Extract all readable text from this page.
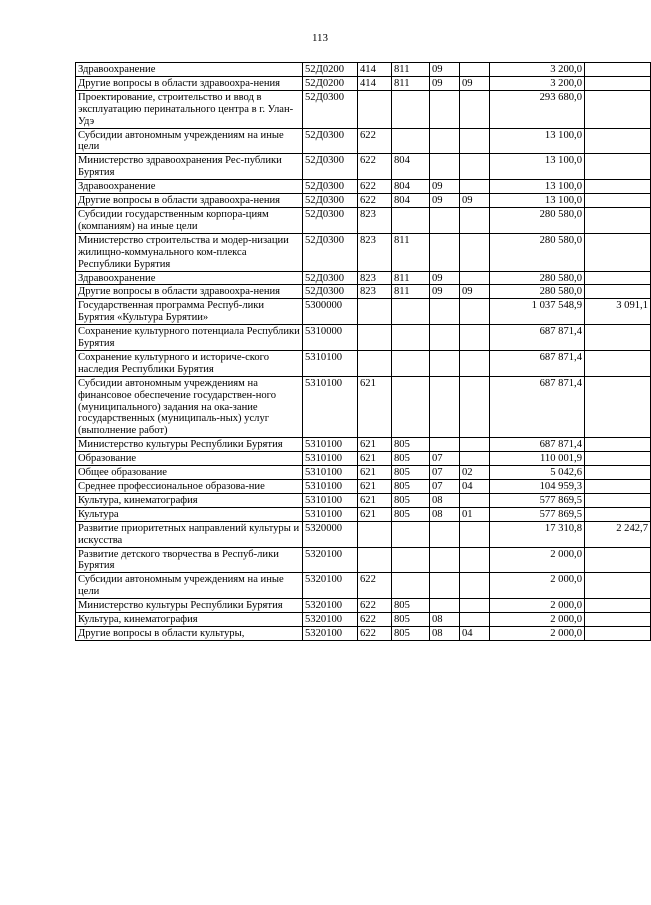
113
Здравоохранение	52Д0200	414	811	09		3 200,0	
Другие вопросы в области здравоохра-нения	52Д0200	414	811	09	09	3 200,0	
Проектирование, строительство и ввод в эксплуатацию перинатального центра в г. Улан-Удэ	52Д0300					293 680,0	
Субсидии автономным учреждениям на иные цели	52Д0300	622				13 100,0	
Министерство здравоохранения Рес-публики Бурятия	52Д0300	622	804			13 100,0	
Здравоохранение	52Д0300	622	804	09		13 100,0	
Другие вопросы в области здравоохра-нения	52Д0300	622	804	09	09	13 100,0	
Субсидии государственным корпора-циям (компаниям) на иные цели	52Д0300	823				280 580,0	
Министерство строительства и модер-низации жилищно-коммунального ком-плекса Республики Бурятия	52Д0300	823	811			280 580,0	
Здравоохранение	52Д0300	823	811	09		280 580,0	
Другие вопросы в области здравоохра-нения	52Д0300	823	811	09	09	280 580,0	
Государственная программа Респуб-лики Бурятия «Культура Бурятии»	5300000					1 037 548,9	3 091,1
Сохранение культурного потенциала Республики Бурятия	5310000					687 871,4	
Сохранение культурного и историче-ского наследия Республики Бурятия	5310100					687 871,4	
Субсидии автономным учреждениям на финансовое обеспечение государствен-ного (муниципального) задания на ока-зание государственных (муниципаль-ных) услуг (выполнение работ)	5310100	621				687 871,4	
Министерство культуры Республики Бурятия	5310100	621	805			687 871,4	
Образование	5310100	621	805	07		110 001,9	
Общее образование	5310100	621	805	07	02	5 042,6	
Среднее профессиональное образова-ние	5310100	621	805	07	04	104 959,3	
Культура, кинематография	5310100	621	805	08		577 869,5	
Культура	5310100	621	805	08	01	577 869,5	
Развитие приоритетных направлений культуры и искусства	5320000					17 310,8	2 242,7
Развитие детского творчества в Респуб-лики Бурятия	5320100					2 000,0	
Субсидии автономным учреждениям на иные цели	5320100	622				2 000,0	
Министерство культуры Республики Бурятия	5320100	622	805			2 000,0	
Культура, кинематография	5320100	622	805	08		2 000,0	
Другие вопросы в области культуры,	5320100	622	805	08	04	2 000,0	
